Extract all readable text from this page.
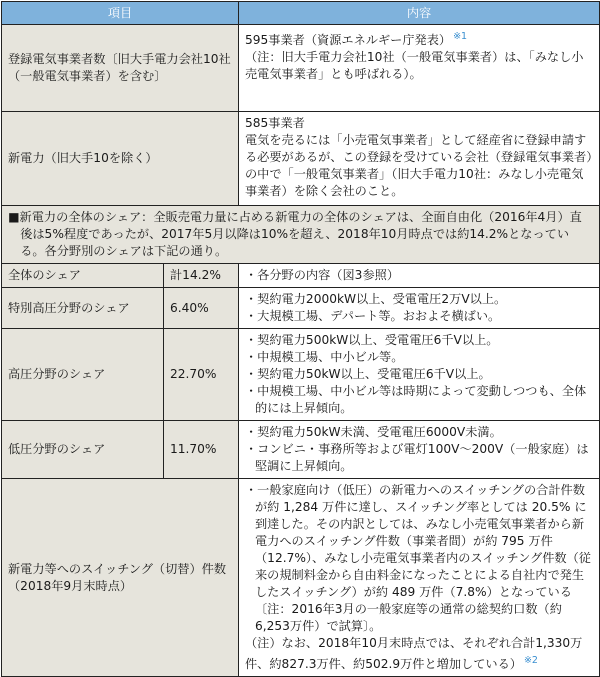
項目		内容
登録電気事業者数〔旧大手電力会社10社（一般電気事業者）を含む〕		595事業者（資源エネルギー庁発表） $^{※1}$
（注：旧大手電力会社10社（一般電気事業者）は、「みなし小売電気事業者」とも呼ばれる）。

新電力（旧大手10を除く）		585事業者
電気を売るには「小売電気事業者」として経産省に登録申請する必要があるが、この登録を受けている会社（登録電気事業者）の中で「一般電気事業者」（旧大手電力10社：みなし小売電気事業者）を除く会社のこと。

■新電力の全体のシェア：全販売電力量に占める新電力の全体のシェアは、全面自由化（2016年4月）直後は5%程度であったが、2017年5月以降は10%を超え、2018年10月時点では約14.2%となっている。各分野別のシェアは下記の通り。		

全体のシェア	計14.2%	・各分野の内容（図3参照）
特別高圧分野のシェア	6.40%	・契約電力2000kW以上、受電電圧2万V以上。
・大規模工場、デパート等。おおよそ横ばい。

高圧分野のシェア	22.70%	・契約電力500kW以上、受電電圧6千V以上。
・中規模工場、中小ビル等。
・契約電力50kW以上、受電電圧6千V以上。
・中規模工場、中小ビル等は時期によって変動しつつも、全体的には上昇傾向。

低圧分野のシェア	11.70%	・契約電力50kW未満、受電電圧6000V未満。
・コンビニ・事務所等および電灯100V〜200V（一般家庭）は堅調に上昇傾向。

新電力等へのスイッチング（切替）件数
（2018年9月末時点）		・一般家庭向け（低圧）の新電力へのスイッチングの合計件数が約 1,284 万件に達し、スイッチング率としては 20.5% に到達した。その内訳としては、みなし小売電気事業者から新電力へのスイッチング件数（事業者間）が約 795 万件（12.7%）、みなし小売電気事業者内のスイッチング件数（従来の規制料金から自由料金になったことによる自社内で発生したスイッチング）が約 489 万件（7.8%）となっている〔注：2016年3月の一般家庭等の通常の総契約口数（約6,253万件）で試算〕。
（注）なお、2018年10月末時点では、それぞれ合計1,330万件、約827.3万件、約502.9万件と増加している） $^{※2}$
